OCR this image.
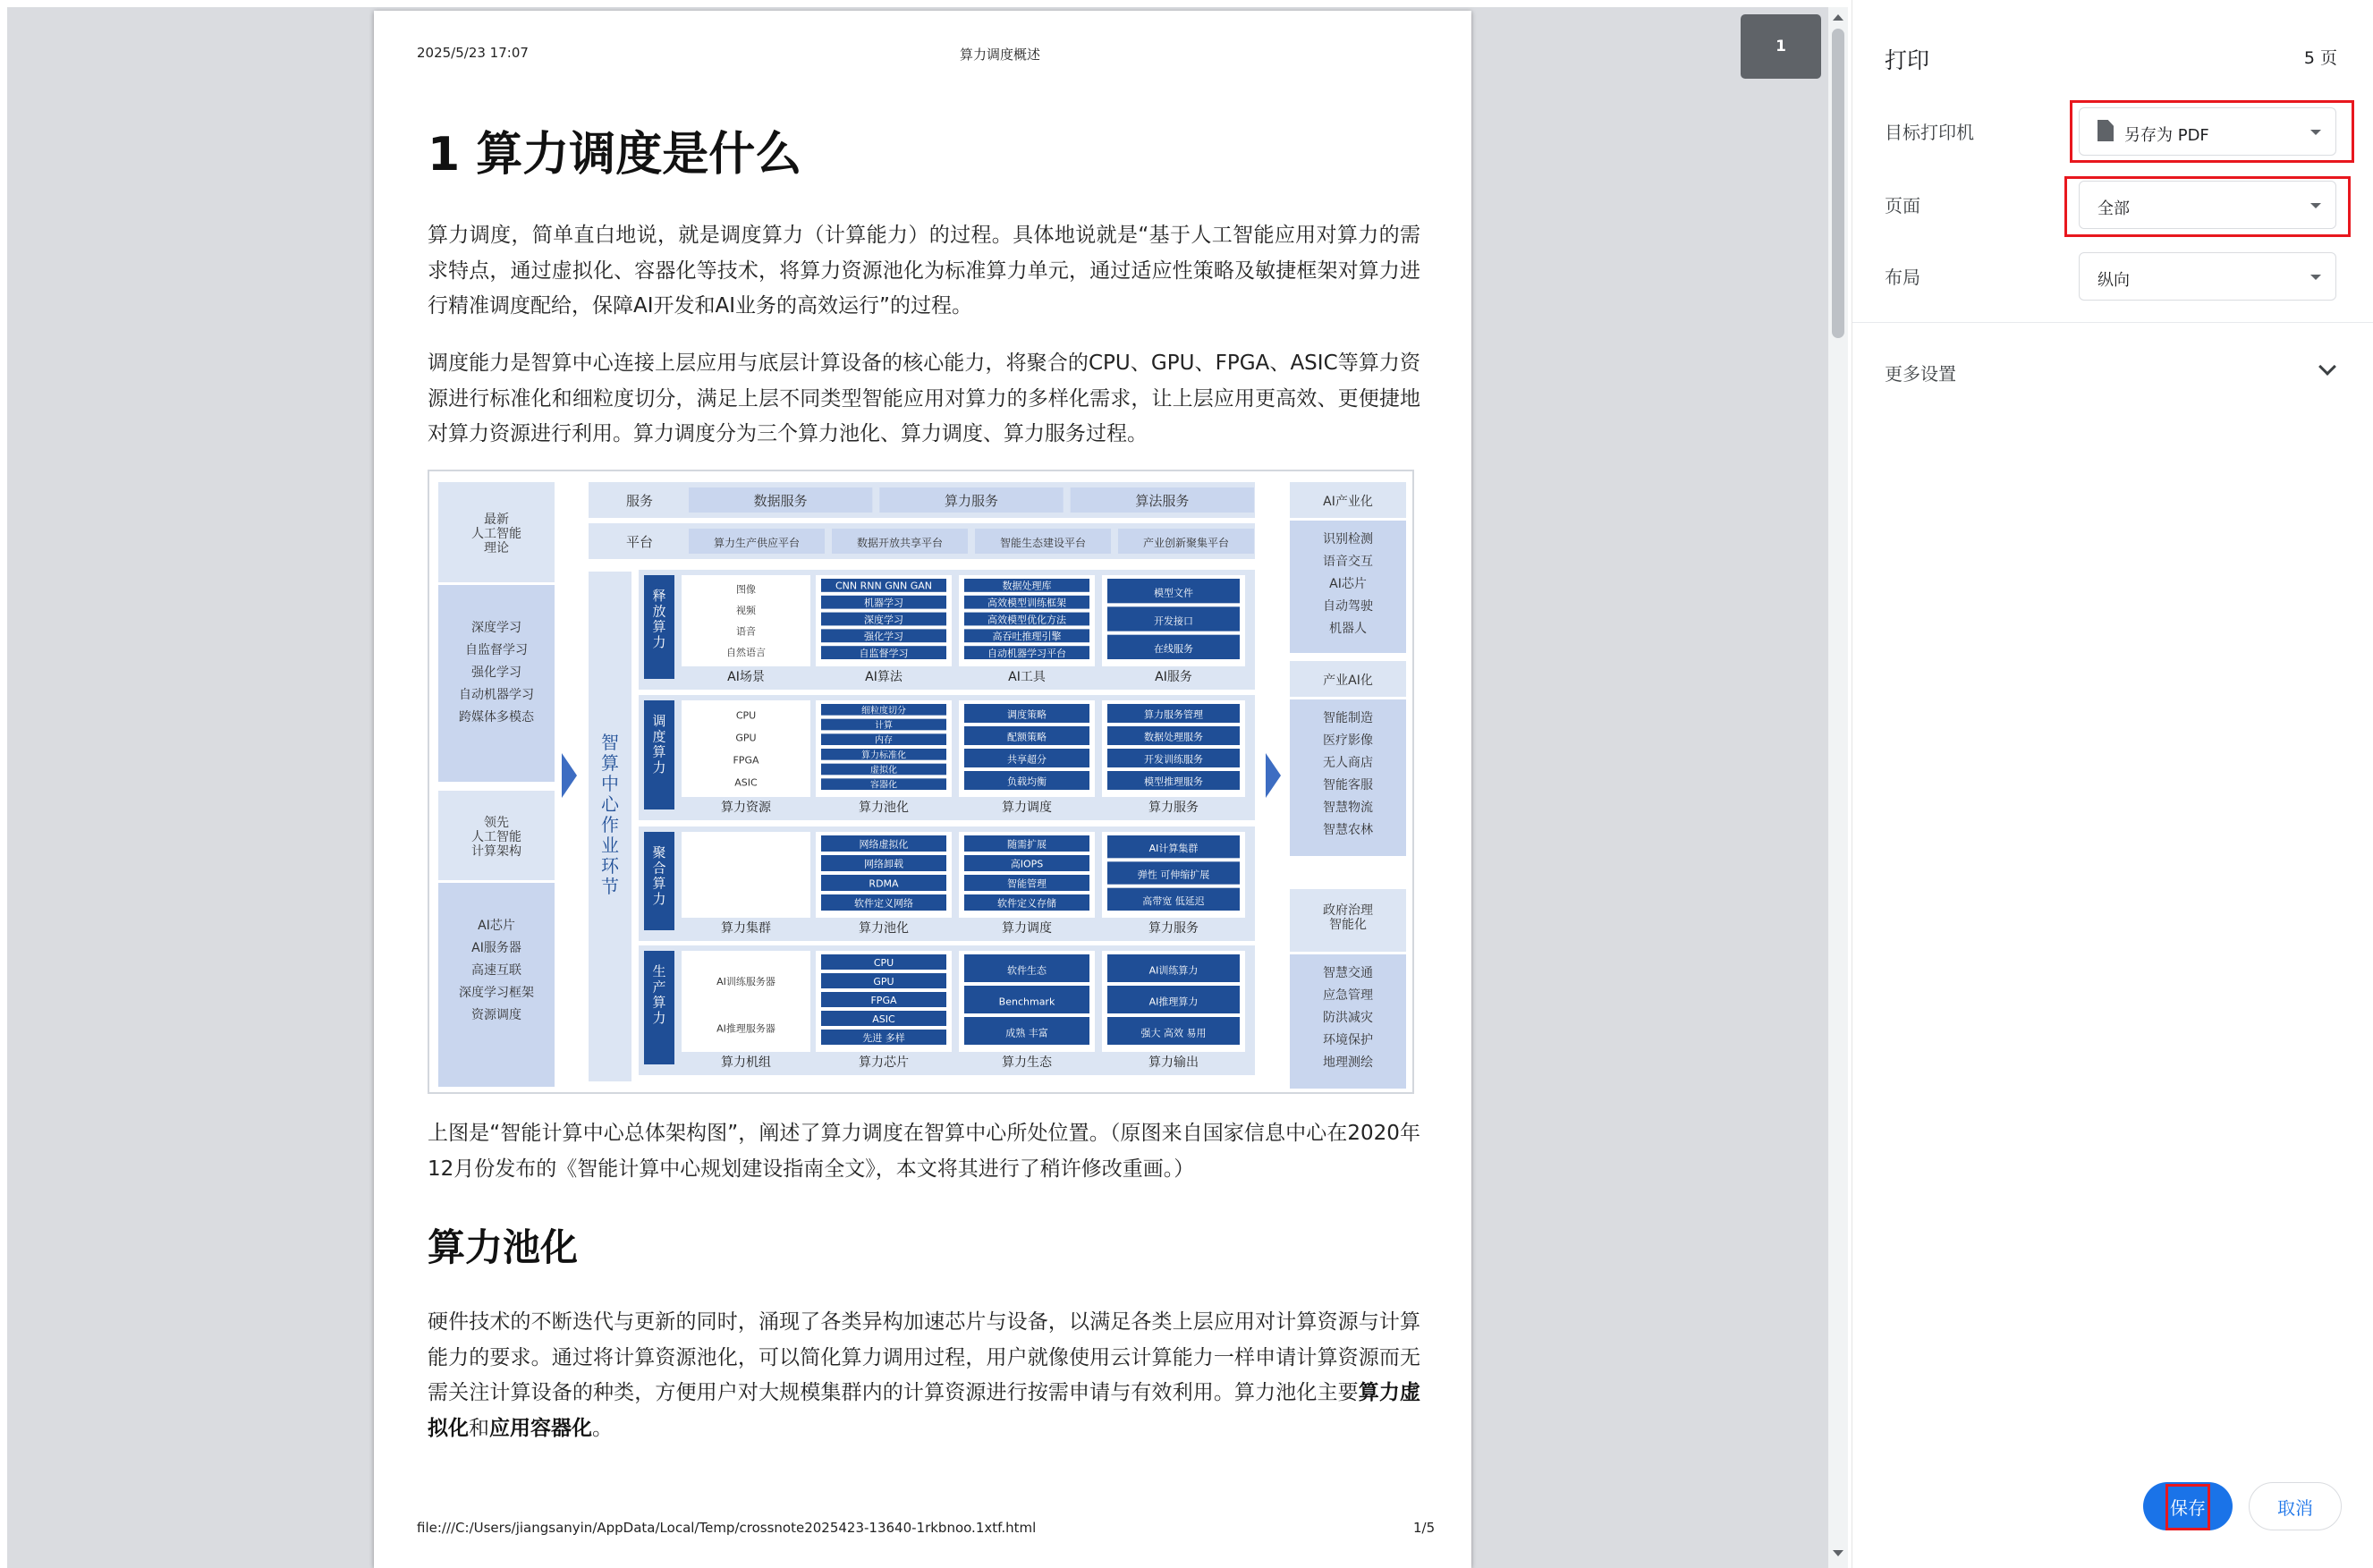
2025/5/23 17:07	算力调度概述
1 算力调度是什么
算力调度，简单直白地说，就是调度算力（计算能力）的过程。具体地说就是“基于人工智能应用对算力的需求特点，通过虚拟化、容器化等技术，将算力资源池化为标准算力单元，通过适应性策略及敏捷框架对算力进行精准调度配给，保障AI开发和AI业务的高效运行”的过程。
调度能力是智算中心连接上层应用与底层计算设备的核心能力，将聚合的CPU、GPU、FPGA、ASIC等算力资源进行标准化和细粒度切分，满足上层不同类型智能应用对算力的多样化需求，让上层应用更高效、更便捷地对算力资源进行利用。算力调度分为三个算力池化、算力调度、算力服务过程。
最新
人工智能
理论
深度学习
自监督学习
强化学习
自动机器学习
跨媒体多模态
领先
人工智能
计算架构
AI芯片
AI服务器
高速互联
深度学习框架
资源调度
智
算
中
心
作
业
环
节
服务	数据服务	算力服务	算法服务
平台	算力生产供应平台	数据开放共享平台	智能生态建设平台	产业创新聚集平台
释
放
算
力
AI场景	AI算法	AI工具	AI服务
图像
视频
语音
自然语言
CNN RNN GNN GAN
机器学习
深度学习
强化学习
自监督学习
数据处理库
高效模型训练框架
高效模型优化方法
高吞吐推理引擎
自动机器学习平台
模型文件
开发接口
在线服务
调
度
算
力
算力资源	算力池化	算力调度	算力服务
CPU
GPU
FPGA
ASIC
细粒度切分
计算
内存
算力标准化
虚拟化
容器化
调度策略
配额策略
共享超分
负载均衡
算力服务管理
数据处理服务
开发训练服务
模型推理服务
聚
合
算
力
算力集群	算力池化	算力调度	算力服务
网络虚拟化
网络卸载
RDMA
软件定义网络
随需扩展
高IOPS
智能管理
软件定义存储
AI计算集群
弹性 可伸缩扩展
高带宽 低延迟
生
产
算
力
算力机组	算力芯片	算力生态	算力输出
AI训练服务器
AI推理服务器
CPU
GPU
FPGA
ASIC
先进 多样
软件生态
Benchmark
成熟 丰富
AI训练算力
AI推理算力
强大 高效 易用
AI产业化
识别检测
语音交互
AI芯片
自动驾驶
机器人
产业AI化
智能制造
医疗影像
无人商店
智能客服
智慧物流
智慧农林
政府治理
智能化
智慧交通
应急管理
防洪减灾
环境保护
地理测绘
上图是“智能计算中心总体架构图”，阐述了算力调度在智算中心所处位置。（原图来自国家信息中心在2020年12月份发布的《智能计算中心规划建设指南全文》，本文将其进行了稍许修改重画。）
算力池化
硬件技术的不断迭代与更新的同时，涌现了各类异构加速芯片与设备，以满足各类上层应用对计算资源与计算能力的要求。通过将计算资源池化，可以简化算力调用过程，用户就像使用云计算能力一样申请计算资源而无需关注计算设备的种类，方便用户对大规模集群内的计算资源进行按需申请与有效利用。算力池化主要算力虚拟化和应用容器化。
file:///C:/Users/jiangsanyin/AppData/Local/Temp/crossnote2025423-13640-1rkbnoo.1xtf.html	1/5
1
打印	5 页
目标打印机	另存为 PDF
页面	全部
布局	纵向
更多设置
保存	取消
